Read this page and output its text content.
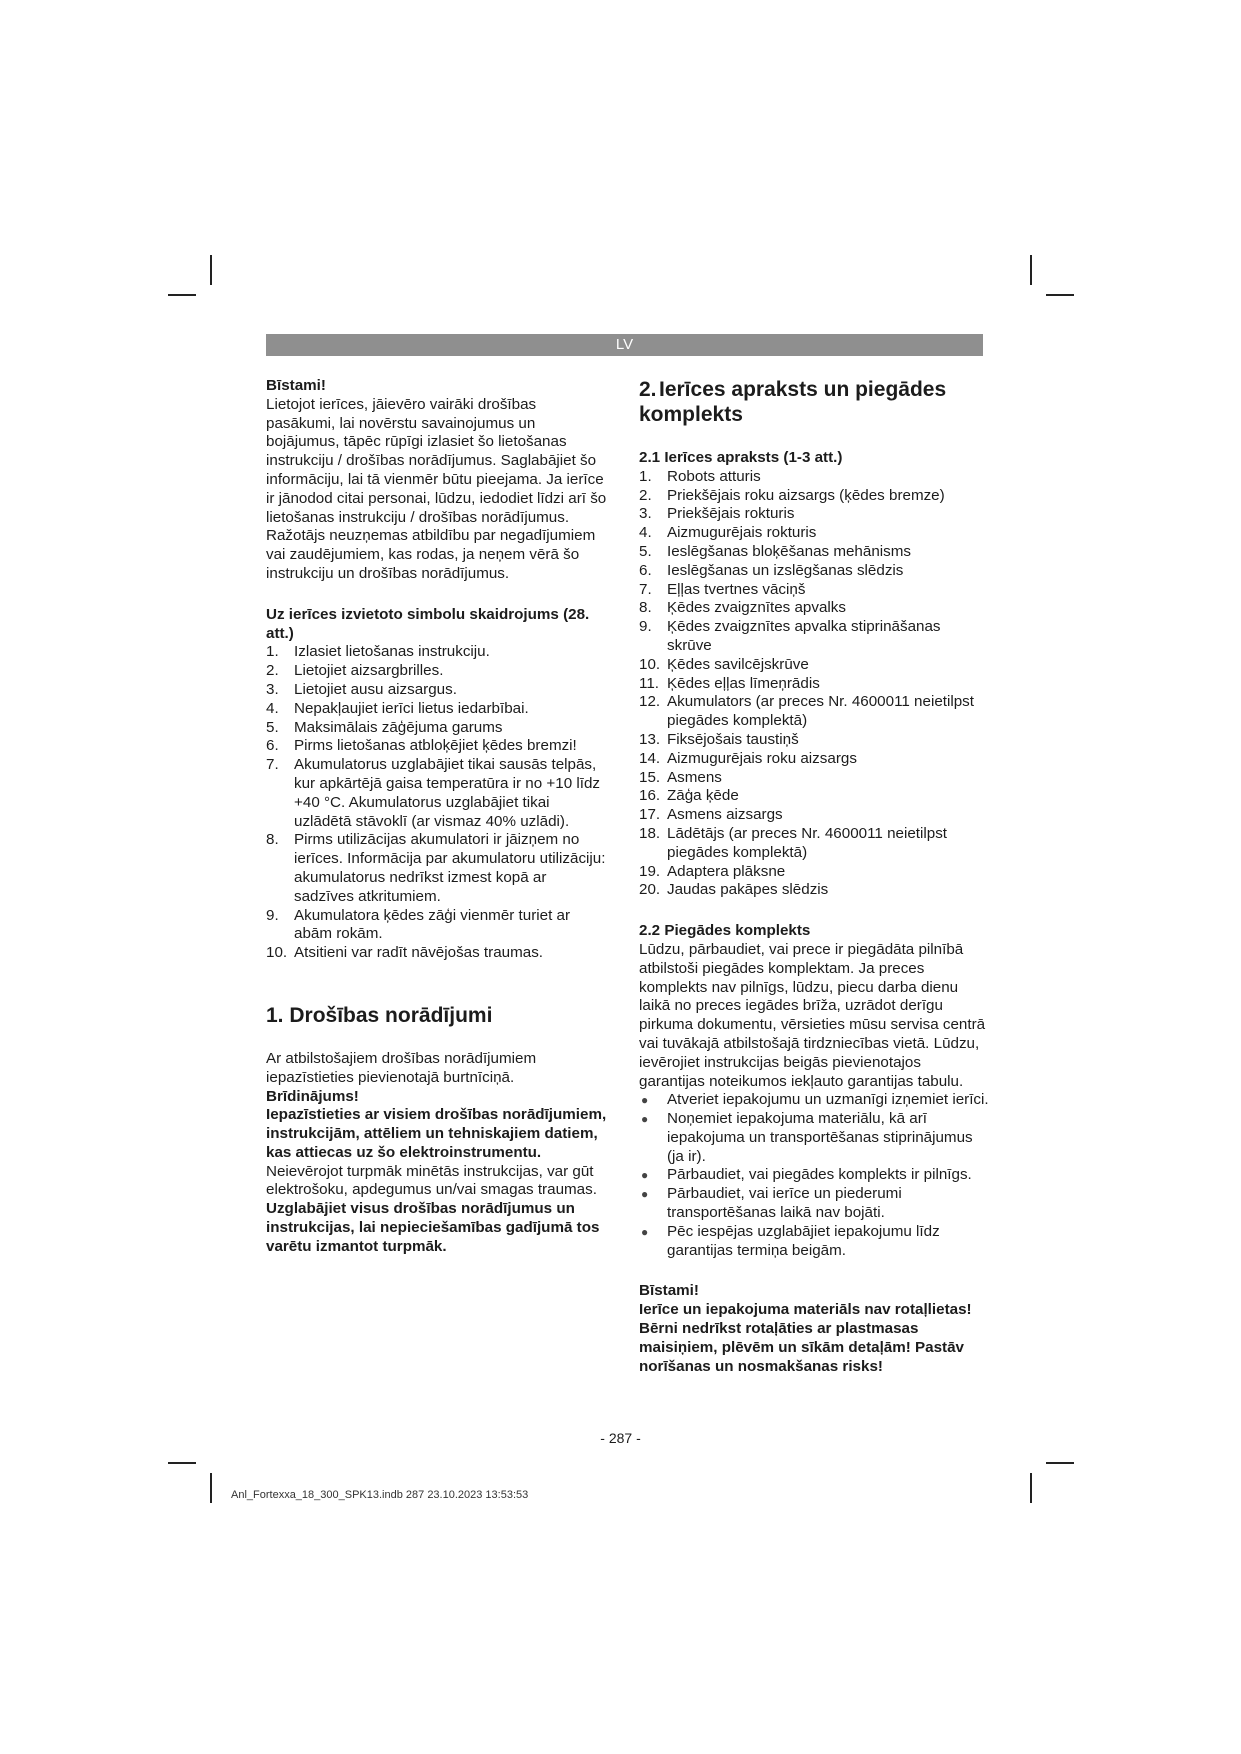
LV

Bīstami!

Lietojot ierīces, jāievēro vairāki drošības pasākumi, lai novērstu savainojumus un bojājumus, tāpēc rūpīgi izlasiet šo lietošanas instrukciju / drošības norādījumus. Saglabājiet šo informāciju, lai tā vienmēr būtu pieejama. Ja ierīce ir jānodod citai personai, lūdzu, iedodiet līdzi arī šo lietošanas instrukciju / drošības norādījumus. Ražotājs neuzņemas atbildību par negadījumiem vai zaudējumiem, kas rodas, ja neņem vērā šo instrukciju un drošības norādījumus.

Uz ierīces izvietoto simbolu skaidrojums (28. att.)

1. Izlasiet lietošanas instrukciju.
2. Lietojiet aizsargbrilles.
3. Lietojiet ausu aizsargus.
4. Nepakļaujiet ierīci lietus iedarbībai.
5. Maksimālais zāģējuma garums
6. Pirms lietošanas atbloķējiet ķēdes bremzi!
7. Akumulatorus uzglabājiet tikai sausās telpās, kur apkārtējā gaisa temperatūra ir no +10 līdz +40 °C. Akumulatorus uzglabājiet tikai uzlādētā stāvoklī (ar vismaz 40% uzlādi).
8. Pirms utilizācijas akumulatori ir jāizņem no ierīces. Informācija par akumulatoru utilizāciju: akumulatorus nedrīkst izmest kopā ar sadzīves atkritumiem.
9. Akumulatora ķēdes zāģi vienmēr turiet ar abām rokām.
10. Atsitieni var radīt nāvējošas traumas.

1. Drošības norādījumi

Ar atbilstošajiem drošības norādījumiem iepazīstieties pievienotajā burtnīciņā.

Brīdinājums!

Iepazīstieties ar visiem drošības norādījumiem, instrukcijām, attēliem un tehniskajiem datiem, kas attiecas uz šo elektroinstrumentu. Neievērojot turpmāk minētās instrukcijas, var gūt elektrošoku, apdegumus un/vai smagas traumas.

Uzglabājiet visus drošības norādījumus un instrukcijas, lai nepieciešamības gadījumā tos varētu izmantot turpmāk.

2. Ierīces apraksts un piegādes komplekts

2.1 Ierīces apraksts (1-3 att.)

1. Robots atturis
2. Priekšējais roku aizsargs (ķēdes bremze)
3. Priekšējais rokturis
4. Aizmugurējais rokturis
5. Ieslēgšanas bloķēšanas mehānisms
6. Ieslēgšanas un izslēgšanas slēdzis
7. Eļļas tvertnes vāciņš
8. Ķēdes zvaigznītes apvalks
9. Ķēdes zvaigznītes apvalka stiprināšanas skrūve
10. Ķēdes savilcējskrūve
11. Ķēdes eļļas līmeņrādis
12. Akumulators (ar preces Nr. 4600011 neietilpst piegādes komplektā)
13. Fiksējošais taustiņš
14. Aizmugurējais roku aizsargs
15. Asmens
16. Zāģa ķēde
17. Asmens aizsargs
18. Lādētājs (ar preces Nr. 4600011 neietilpst piegādes komplektā)
19. Adaptera plāksne
20. Jaudas pakāpes slēdzis

2.2 Piegādes komplekts

Lūdzu, pārbaudiet, vai prece ir piegādāta pilnībā atbilstoši piegādes komplektam. Ja preces komplekts nav pilnīgs, lūdzu, piecu darba dienu laikā no preces iegādes brīža, uzrādot derīgu pirkuma dokumentu, vērsieties mūsu servisa centrā vai tuvākajā atbilstošajā tirdzniecības vietā. Lūdzu, ievērojiet instrukcijas beigās pievienotajos garantijas noteikumos iekļauto garantijas tabulu.

● Atveriet iepakojumu un uzmanīgi izņemiet ierīci.
● Noņemiet iepakojuma materiālu, kā arī iepakojuma un transportēšanas stiprinājumus (ja ir).
● Pārbaudiet, vai piegādes komplekts ir pilnīgs.
● Pārbaudiet, vai ierīce un piederumi transportēšanas laikā nav bojāti.
● Pēc iespējas uzglabājiet iepakojumu līdz garantijas termiņa beigām.

Bīstami!

Ierīce un iepakojuma materiāls nav rotaļlietas! Bērni nedrīkst rotaļāties ar plastmasas maisiņiem, plēvēm un sīkām detaļām! Pastāv norīšanas un nosmakšanas risks!

- 287 -
Anl_Fortexxa_18_300_SPK13.indb 287 23.10.2023 13:53:53
